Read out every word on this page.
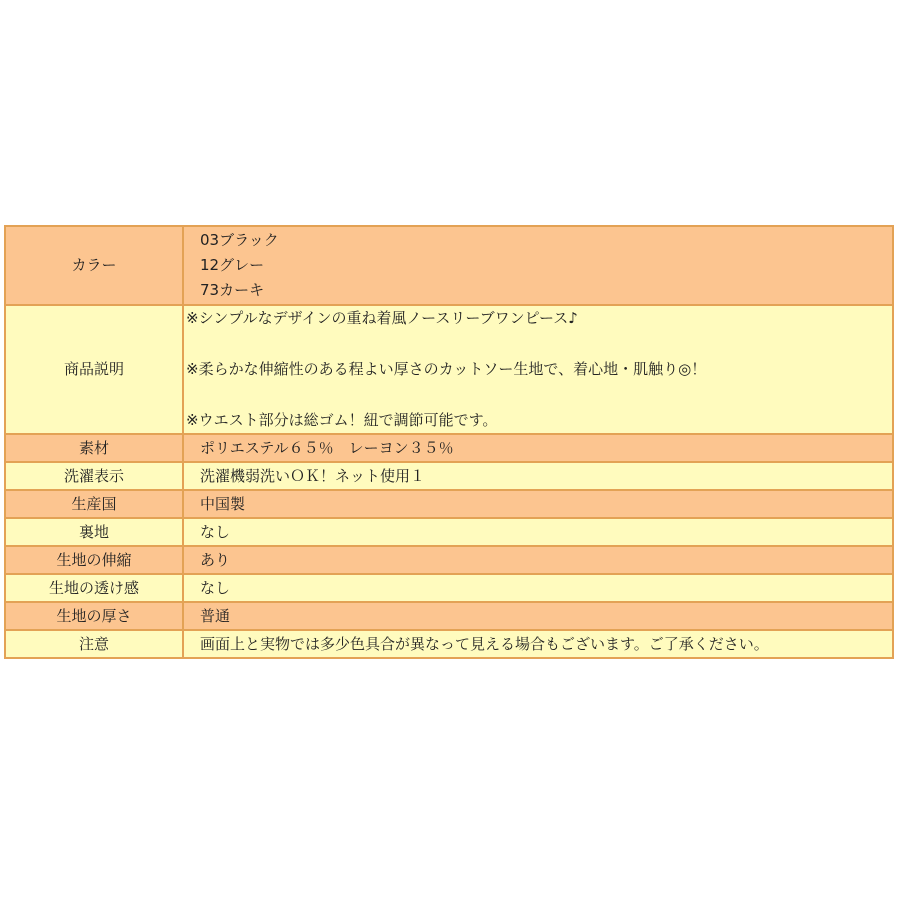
カラー	03ブラック
12グレー
73カーキ

商品説明	※シンプルなデザインの重ね着風ノースリーブワンピース♪
※柔らかな伸縮性のある程よい厚さのカットソー生地で、着心地・肌触り◎！
※ウエスト部分は総ゴム！紐で調節可能です。

素材	ポリエステル６５％　レーヨン３５％
洗濯表示	洗濯機弱洗いＯＫ！ネット使用１
生産国	中国製
裏地	なし
生地の伸縮	あり
生地の透け感	なし
生地の厚さ	普通
注意	画面上と実物では多少色具合が異なって見える場合もございます。ご了承ください。
